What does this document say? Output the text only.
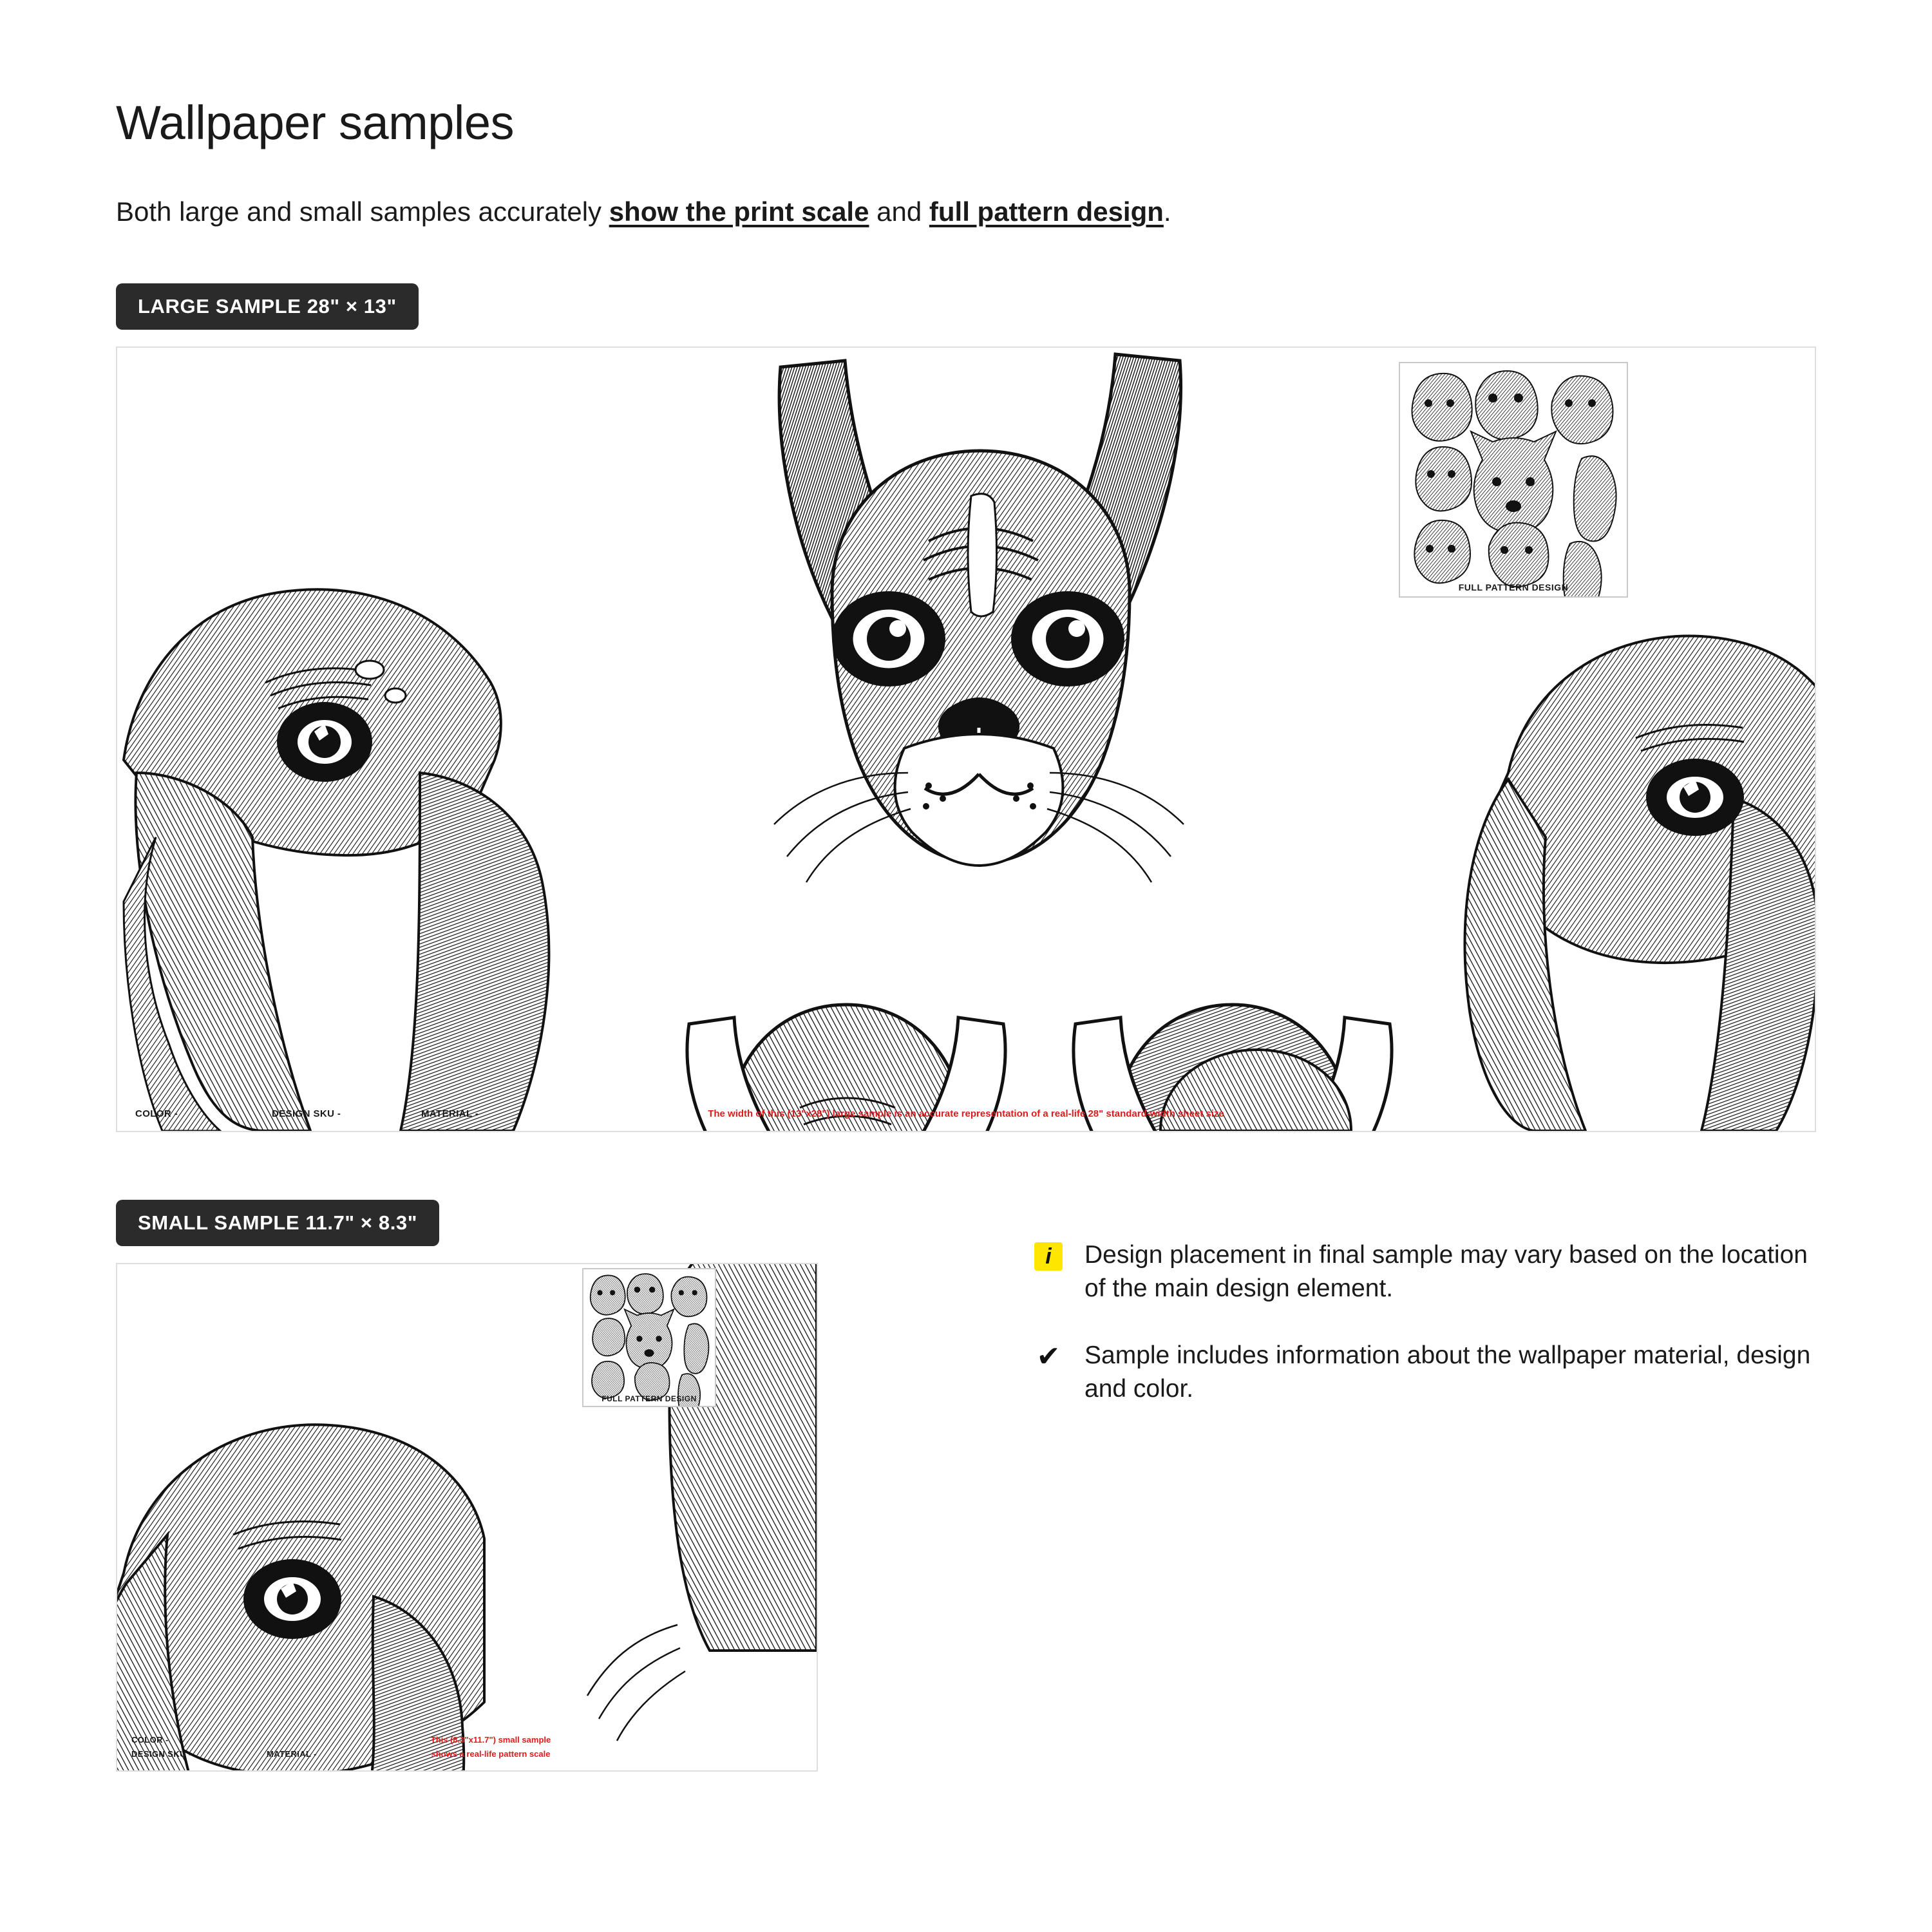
Wallpaper samples

Both large and small samples accurately show the print scale and full pattern design.

LARGE SAMPLE 28" × 13"
FULL PATTERN DESIGN
COLOR -	DESIGN SKU -	MATERIAL -	The width of this (13"x28") large sample is an accurate representation of a real-life 28" standard-width sheet size
SMALL SAMPLE 11.7" × 8.3"
FULL PATTERN DESIGN
COLOR -
DESIGN SKU -	MATERIAL -
This (8.3"x11.7") small sample
shows a real-life pattern scale
i	Design placement in final sample may vary based on the location of the main design element.
✔ Sample includes information about the wallpaper material, design and color.
